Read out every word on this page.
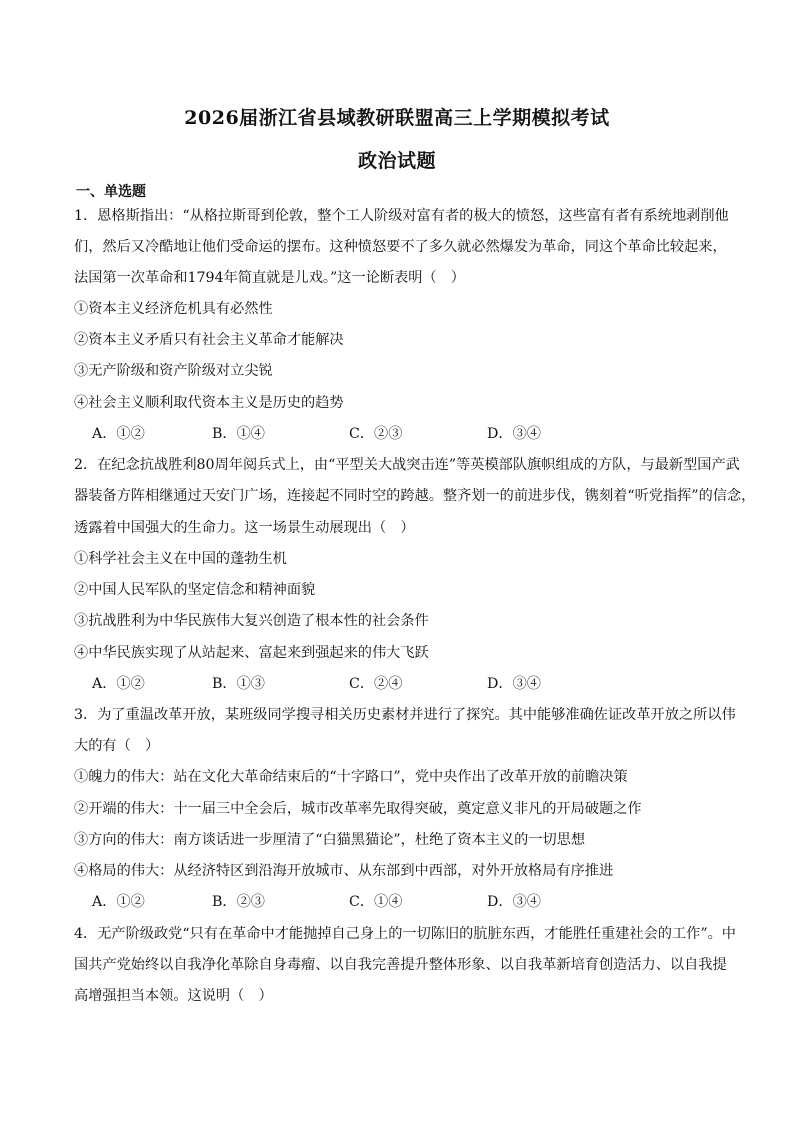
2026届浙江省县域教研联盟高三上学期模拟考试
政治试题
一、单选题
1．恩格斯指出：“从格拉斯哥到伦敦，整个工人阶级对富有者的极大的愤怒，这些富有者有系统地剥削他
们，然后又冷酷地让他们受命运的摆布。这种愤怒要不了多久就必然爆发为革命，同这个革命比较起来，
法国第一次革命和1794年简直就是儿戏。”这一论断表明（　）
①资本主义经济危机具有必然性
②资本主义矛盾只有社会主义革命才能解决
③无产阶级和资产阶级对立尖锐
④社会主义顺利取代资本主义是历史的趋势
A．①②	B．①④	C．②③	D．③④
2．在纪念抗战胜利80周年阅兵式上，由“平型关大战突击连”等英模部队旗帜组成的方队，与最新型国产武
器装备方阵相继通过天安门广场，连接起不同时空的跨越。整齐划一的前进步伐，镌刻着“听党指挥”的信念，
透露着中国强大的生命力。这一场景生动展现出（　）
①科学社会主义在中国的蓬勃生机
②中国人民军队的坚定信念和精神面貌
③抗战胜利为中华民族伟大复兴创造了根本性的社会条件
④中华民族实现了从站起来、富起来到强起来的伟大飞跃
A．①②	B．①③	C．②④	D．③④
3．为了重温改革开放，某班级同学搜寻相关历史素材并进行了探究。其中能够准确佐证改革开放之所以伟
大的有（　）
①魄力的伟大：站在文化大革命结束后的“十字路口”，党中央作出了改革开放的前瞻决策
②开端的伟大：十一届三中全会后，城市改革率先取得突破，奠定意义非凡的开局破题之作
③方向的伟大：南方谈话进一步厘清了“白猫黑猫论”，杜绝了资本主义的一切思想
④格局的伟大：从经济特区到沿海开放城市、从东部到中西部，对外开放格局有序推进
A．①②	B．②③	C．①④	D．③④
4．无产阶级政党“只有在革命中才能抛掉自己身上的一切陈旧的肮脏东西，才能胜任重建社会的工作”。中
国共产党始终以自我净化革除自身毒瘤、以自我完善提升整体形象、以自我革新培育创造活力、以自我提
高增强担当本领。这说明（　）
